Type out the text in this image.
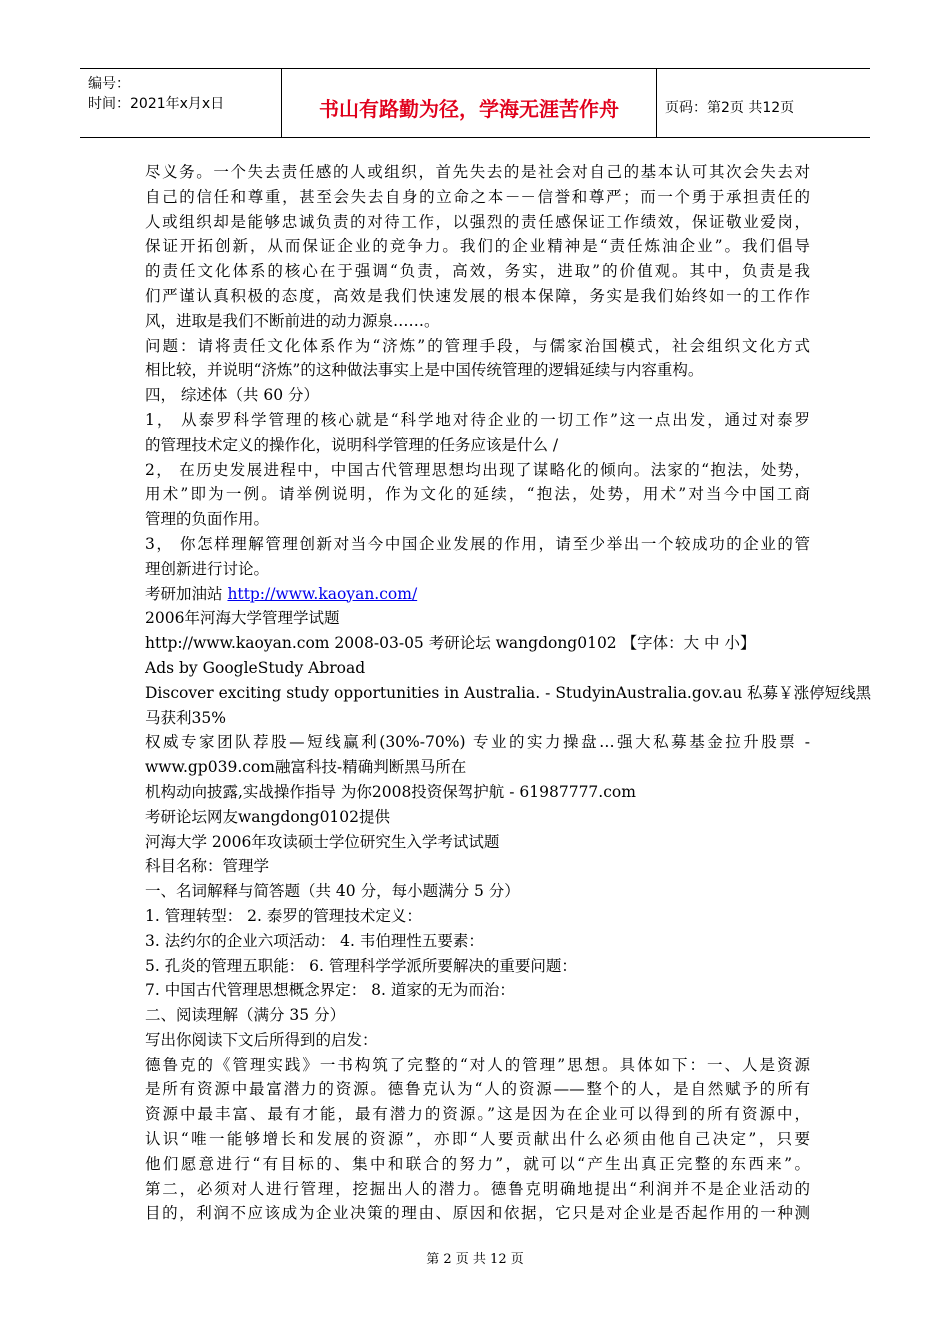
编号：
时间：2021年x月x日	书山有路勤为径，学海无涯苦作舟	页码：第2页 共12页
尽义务。一个失去责任感的人或组织，首先失去的是社会对自己的基本认可其次会失去对
自己的信任和尊重，甚至会失去自身的立命之本－－信誉和尊严；而一个勇于承担责任的
人或组织却是能够忠诚负责的对待工作，以强烈的责任感保证工作绩效，保证敬业爱岗，
保证开拓创新，从而保证企业的竞争力。我们的企业精神是“责任炼油企业”。我们倡导
的责任文化体系的核心在于强调“负责，高效，务实，进取”的价值观。其中，负责是我
们严谨认真积极的态度，高效是我们快速发展的根本保障，务实是我们始终如一的工作作
风，进取是我们不断前进的动力源泉……。
问题：请将责任文化体系作为“济炼”的管理手段，与儒家治国模式，社会组织文化方式
相比较，并说明“济炼”的这种做法事实上是中国传统管理的逻辑延续与内容重构。
四， 综述体（共 60 分）
1， 从泰罗科学管理的核心就是“科学地对待企业的一切工作”这一点出发，通过对泰罗
的管理技术定义的操作化，说明科学管理的任务应该是什么 /
2， 在历史发展进程中，中国古代管理思想均出现了谋略化的倾向。法家的“抱法，处势，
用术”即为一例。请举例说明，作为文化的延续，“抱法，处势，用术”对当今中国工商
管理的负面作用。
3， 你怎样理解管理创新对当今中国企业发展的作用，请至少举出一个较成功的企业的管
理创新进行讨论。
考研加油站 http://www.kaoyan.com/
2006年河海大学管理学试题
http://www.kaoyan.com 2008-03-05 考研论坛 wangdong0102 【字体：大 中 小】
Ads by GoogleStudy Abroad
Discover exciting study opportunities in Australia. - StudyinAustralia.gov.au 私募￥涨停短线黑
马获利35%
权威专家团队荐股—短线赢利(30%-70%) 专业的实力操盘…强大私募基金拉升股票 -
www.gp039.com融富科技-精确判断黑马所在
机构动向披露,实战操作指导 为你2008投资保驾护航 - 61987777.com
考研论坛网友wangdong0102提供
河海大学 2006年攻读硕士学位研究生入学考试试题
科目名称：管理学
一、名词解释与简答题（共 40 分，每小题满分 5 分）
1. 管理转型： 2. 泰罗的管理技术定义：
3. 法约尔的企业六项活动： 4. 韦伯理性五要素：
5. 孔炎的管理五职能： 6. 管理科学学派所要解决的重要问题：
7. 中国古代管理思想概念界定： 8. 道家的无为而治：
二、阅读理解（满分 35 分）
写出你阅读下文后所得到的启发：
德鲁克的《管理实践》一书构筑了完整的“对人的管理”思想。具体如下：一、人是资源
是所有资源中最富潜力的资源。德鲁克认为“人的资源——整个的人，是自然赋予的所有
资源中最丰富、最有才能，最有潜力的资源。”这是因为在企业可以得到的所有资源中，
认识“唯一能够增长和发展的资源”，亦即“人要贡献出什么必须由他自己决定”，只要
他们愿意进行“有目标的、集中和联合的努力”，就可以“产生出真正完整的东西来”。
第二，必须对人进行管理，挖掘出人的潜力。德鲁克明确地提出“利润并不是企业活动的
目的，利润不应该成为企业决策的理由、原因和依据，它只是对企业是否起作用的一种测
第 2 页 共 12 页
